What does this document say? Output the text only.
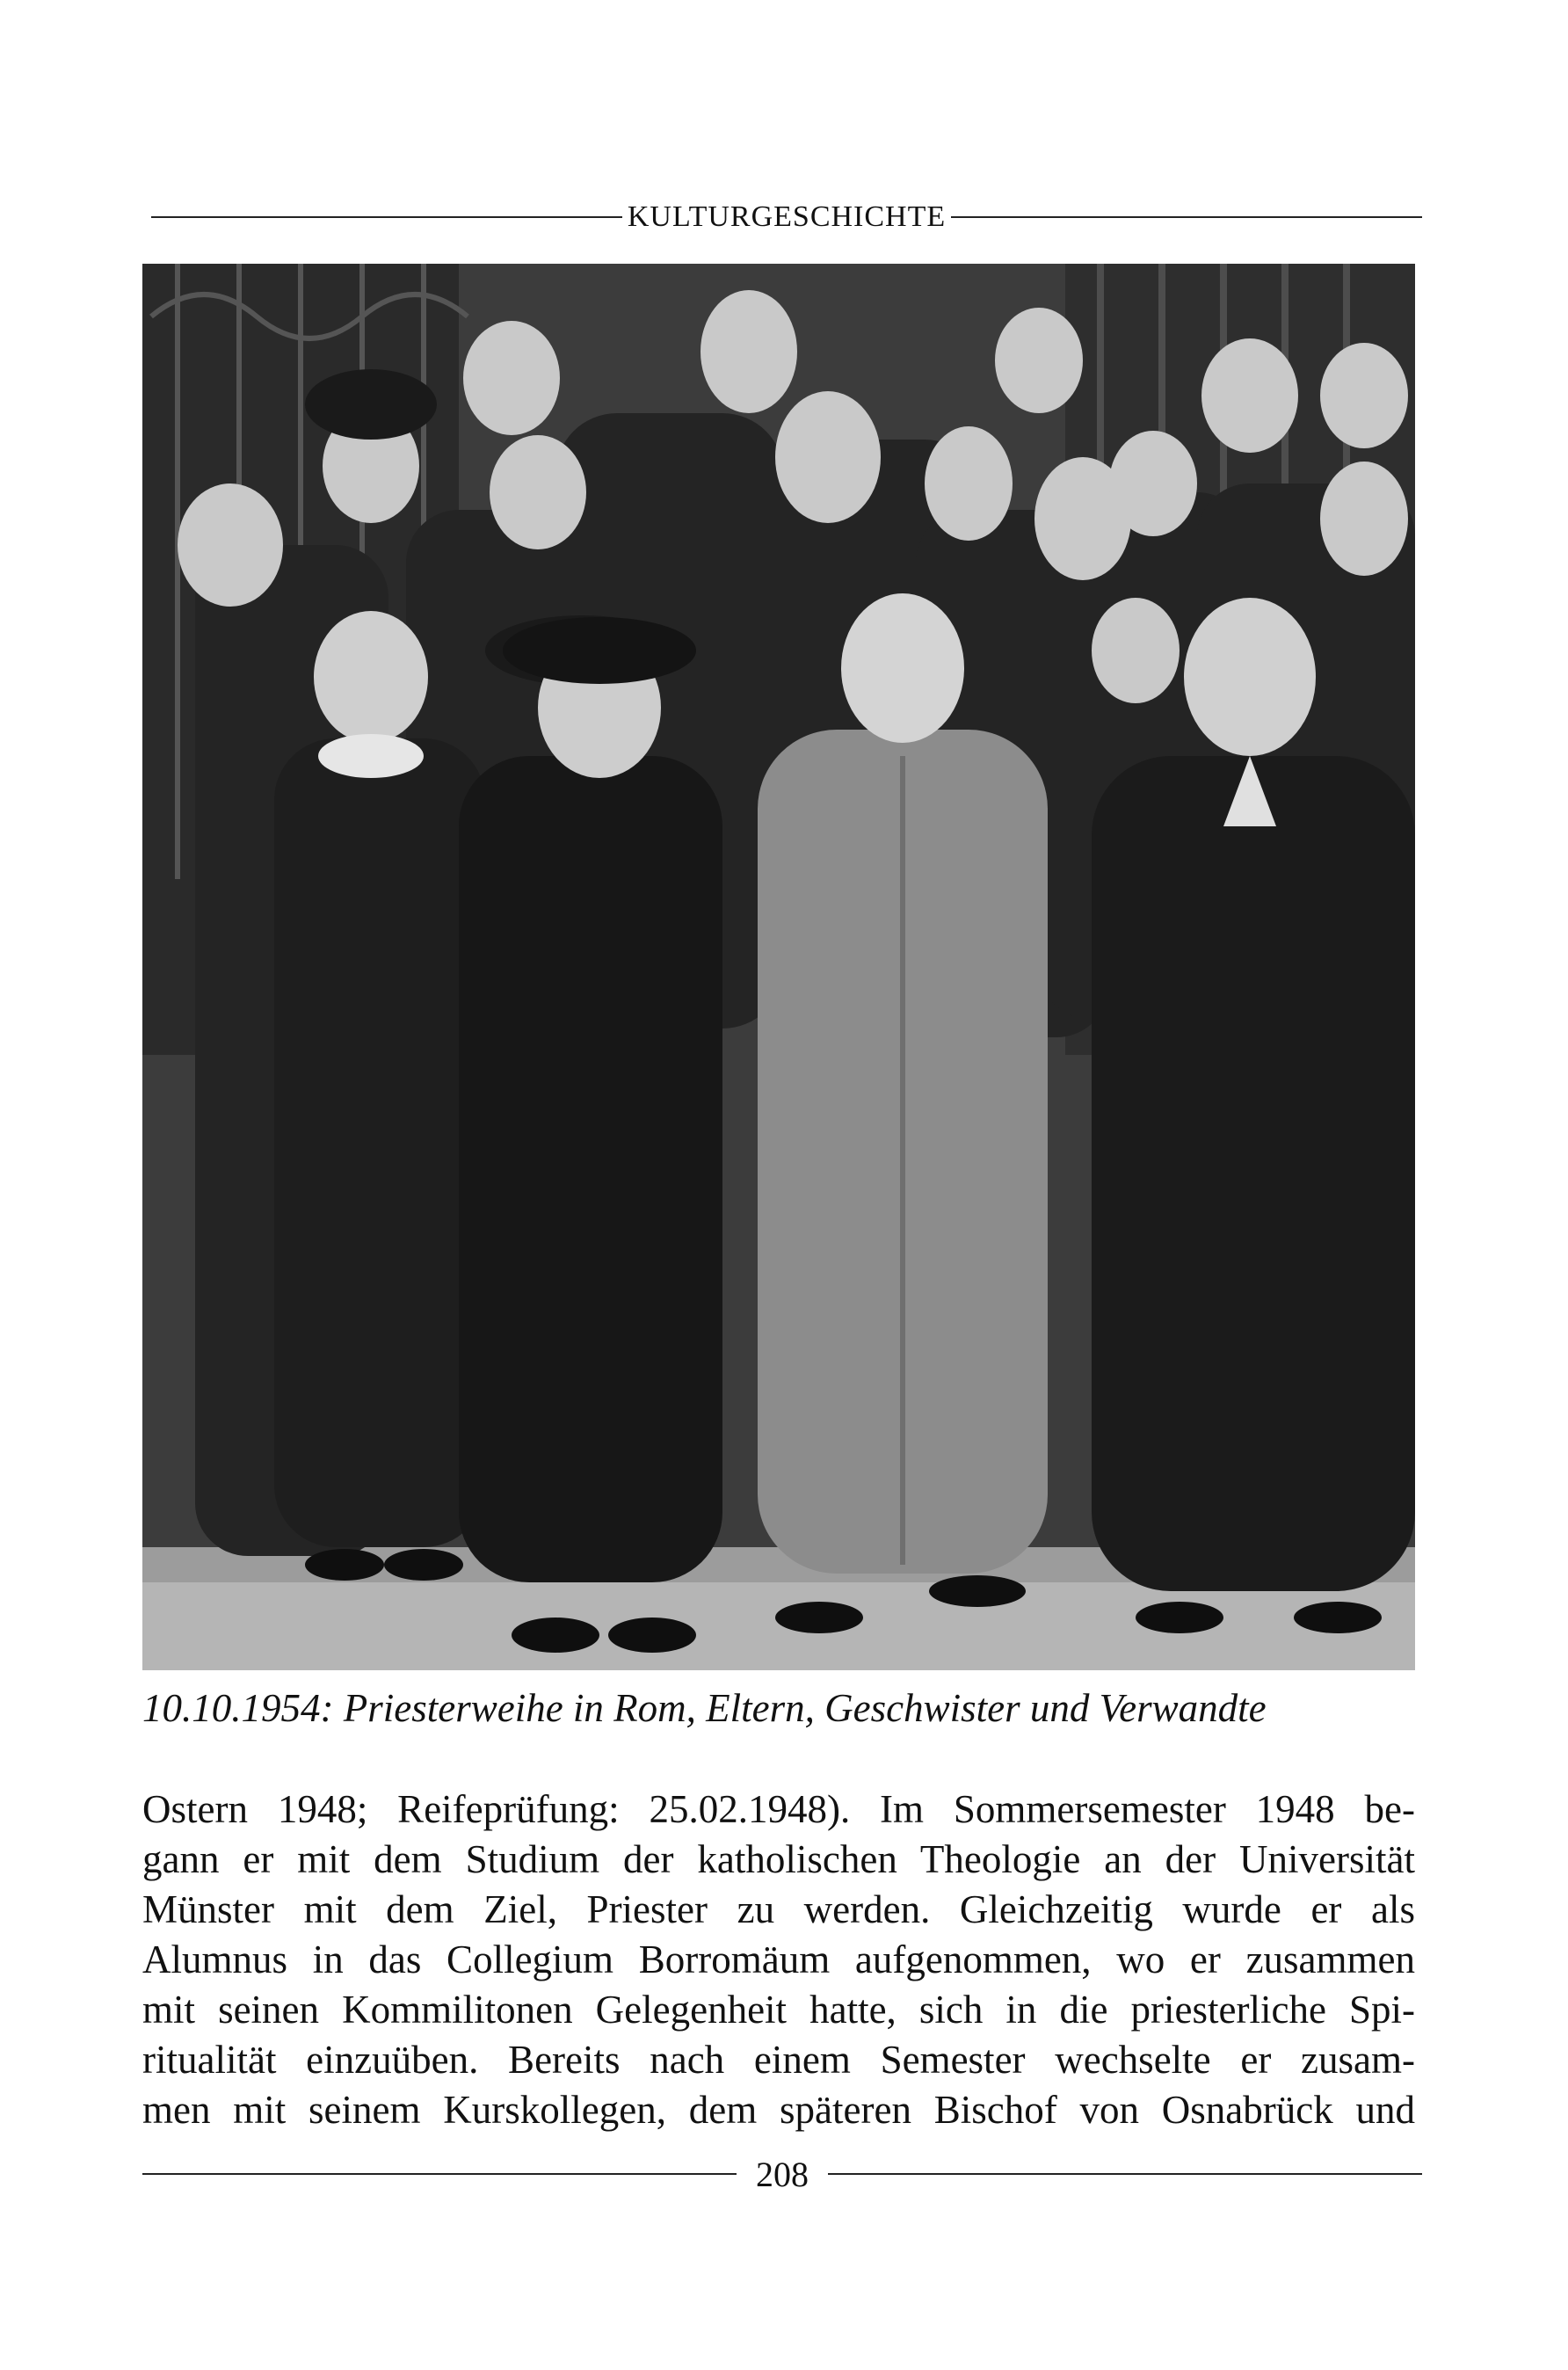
KULTURGESCHICHTE
10.10.1954: Priesterweihe in Rom, Eltern, Geschwister und Verwandte
Ostern 1948; Reifeprüfung: 25.02.1948). Im Sommersemester 1948 be-
gann er mit dem Studium der katholischen Theologie an der Universität
Münster mit dem Ziel, Priester zu werden. Gleichzeitig wurde er als
Alumnus in das Collegium Borromäum aufgenommen, wo er zusammen
mit seinen Kommilitonen Gelegenheit hatte, sich in die priesterliche Spi-
ritualität einzuüben. Bereits nach einem Semester wechselte er zusam-
men mit seinem Kurskollegen, dem späteren Bischof von Osnabrück und
208
